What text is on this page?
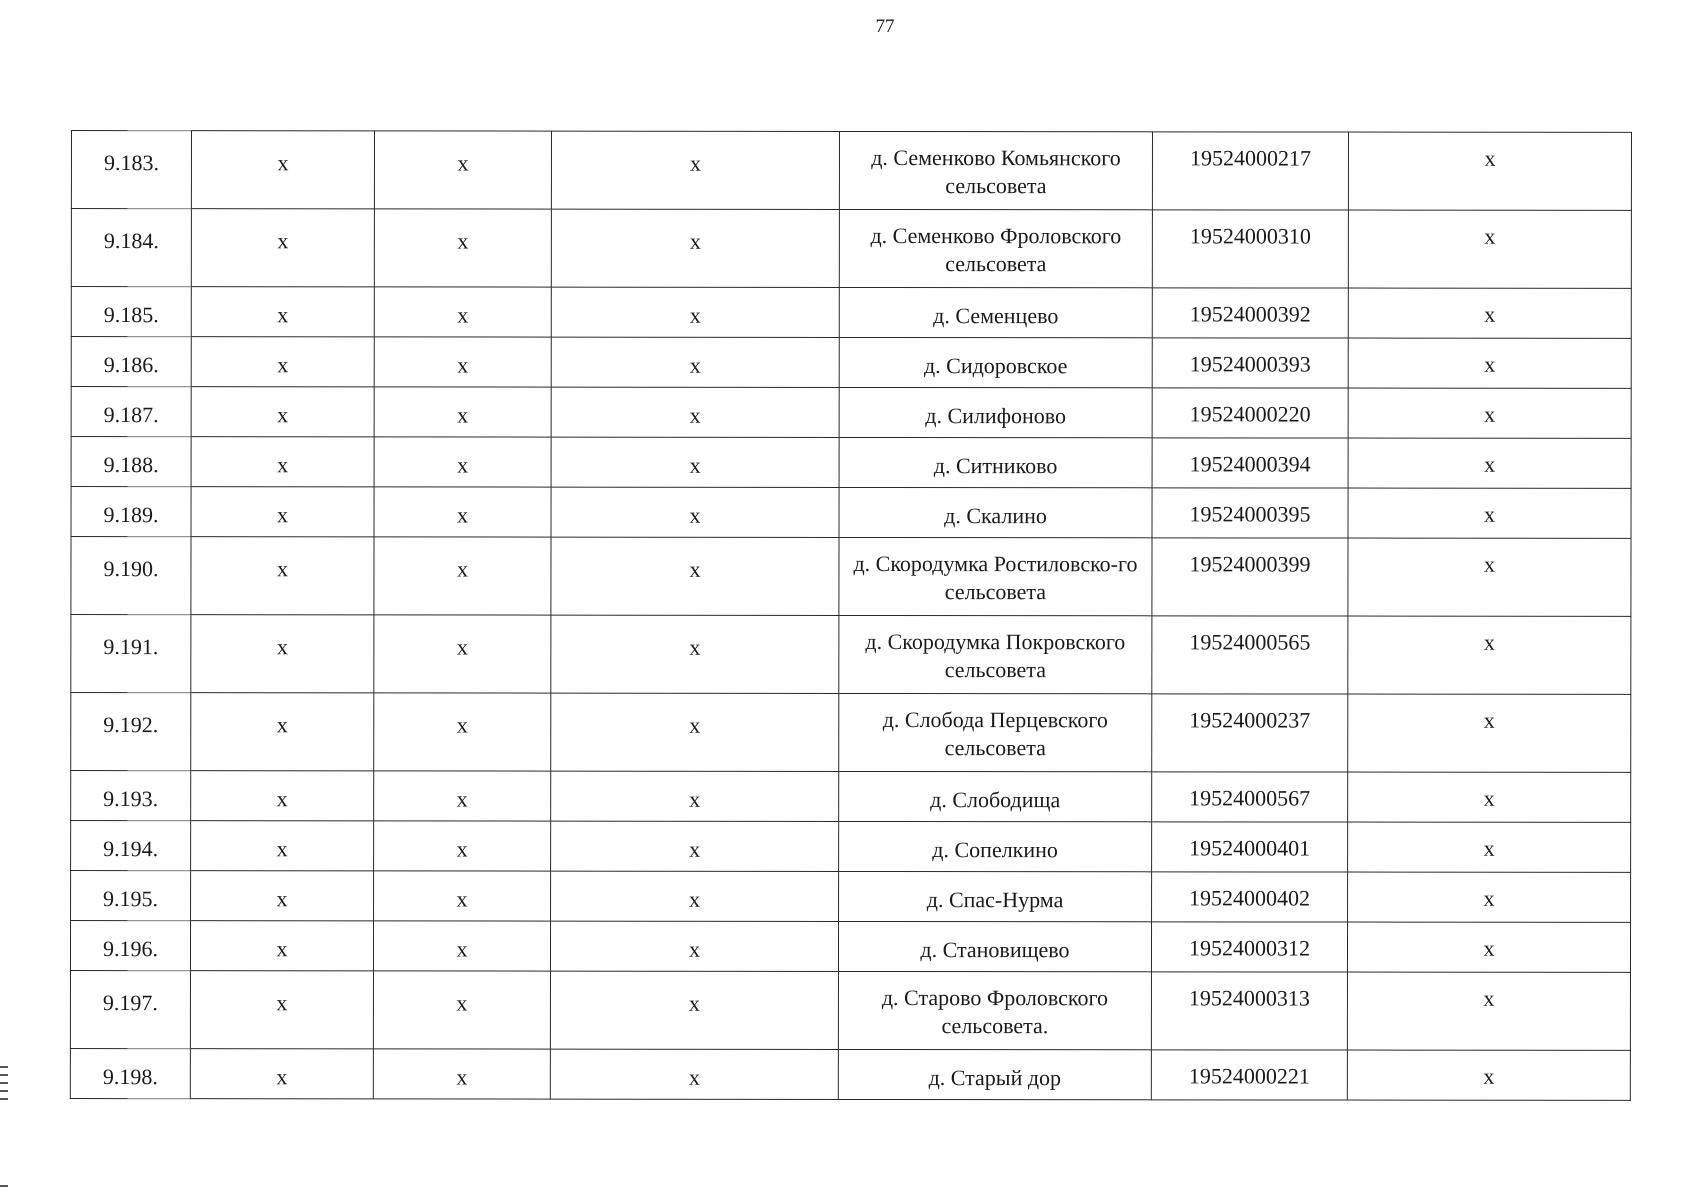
77
9.183.	х	х	х	д. Семенково Комьянского сельсовета	19524000217	х
9.184.	х	х	х	д. Семенково Фроловского сельсовета	19524000310	х
9.185.	х	х	х	д. Семенцево	19524000392	х
9.186.	х	х	х	д. Сидоровское	19524000393	х
9.187.	х	х	х	д. Силифоново	19524000220	х
9.188.	х	х	х	д. Ситниково	19524000394	х
9.189.	х	х	х	д. Скалино	19524000395	х
9.190.	х	х	х	д. Скородумка Ростиловско-го сельсовета	19524000399	х
9.191.	х	х	х	д. Скородумка Покровского сельсовета	19524000565	х
9.192.	х	х	х	д. Слобода Перцевского сельсовета	19524000237	х
9.193.	х	х	х	д. Слободища	19524000567	х
9.194.	х	х	х	д. Сопелкино	19524000401	х
9.195.	х	х	х	д. Спас-Нурма	19524000402	х
9.196.	х	х	х	д. Становищево	19524000312	х
9.197.	х	х	х	д. Старово Фроловского сельсовета.	19524000313	х
9.198.	х	х	х	д. Старый дор	19524000221	х
